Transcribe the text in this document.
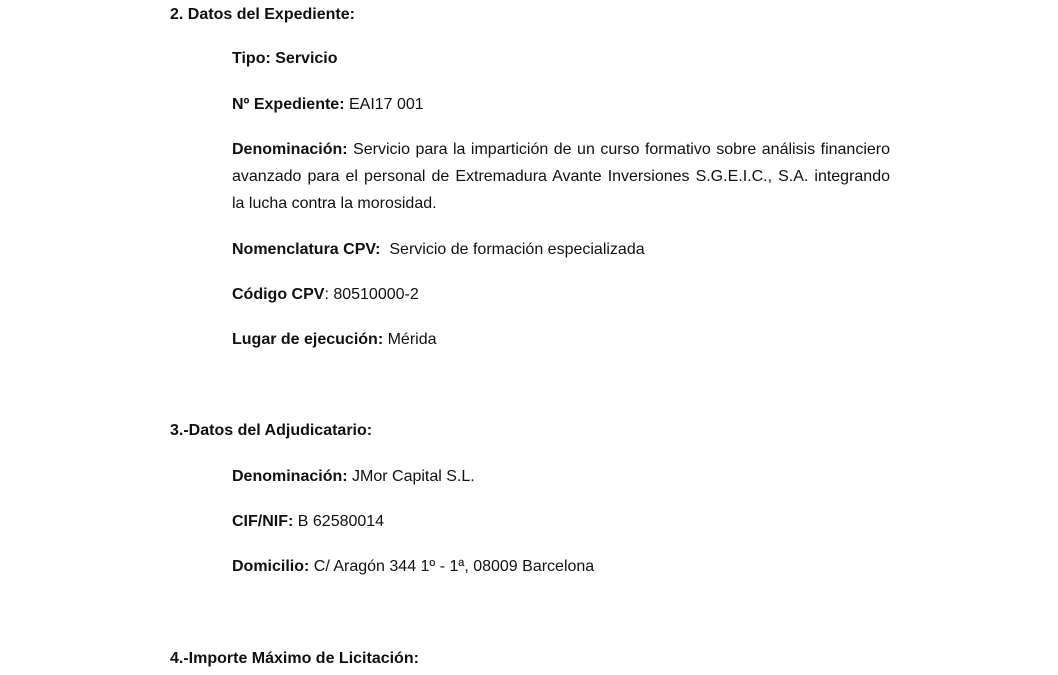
2. Datos del Expediente:
Tipo: Servicio
Nº Expediente: EAI17 001
Denominación: Servicio para la impartición de un curso formativo sobre análisis financiero avanzado para el personal de Extremadura Avante Inversiones S.G.E.I.C., S.A. integrando la lucha contra la morosidad.
Nomenclatura CPV:  Servicio de formación especializada
Código CPV: 80510000-2
Lugar de ejecución: Mérida
3.-Datos del Adjudicatario:
Denominación: JMor Capital S.L.
CIF/NIF: B 62580014
Domicilio: C/ Aragón 344 1º - 1ª, 08009 Barcelona
4.-Importe Máximo de Licitación:
